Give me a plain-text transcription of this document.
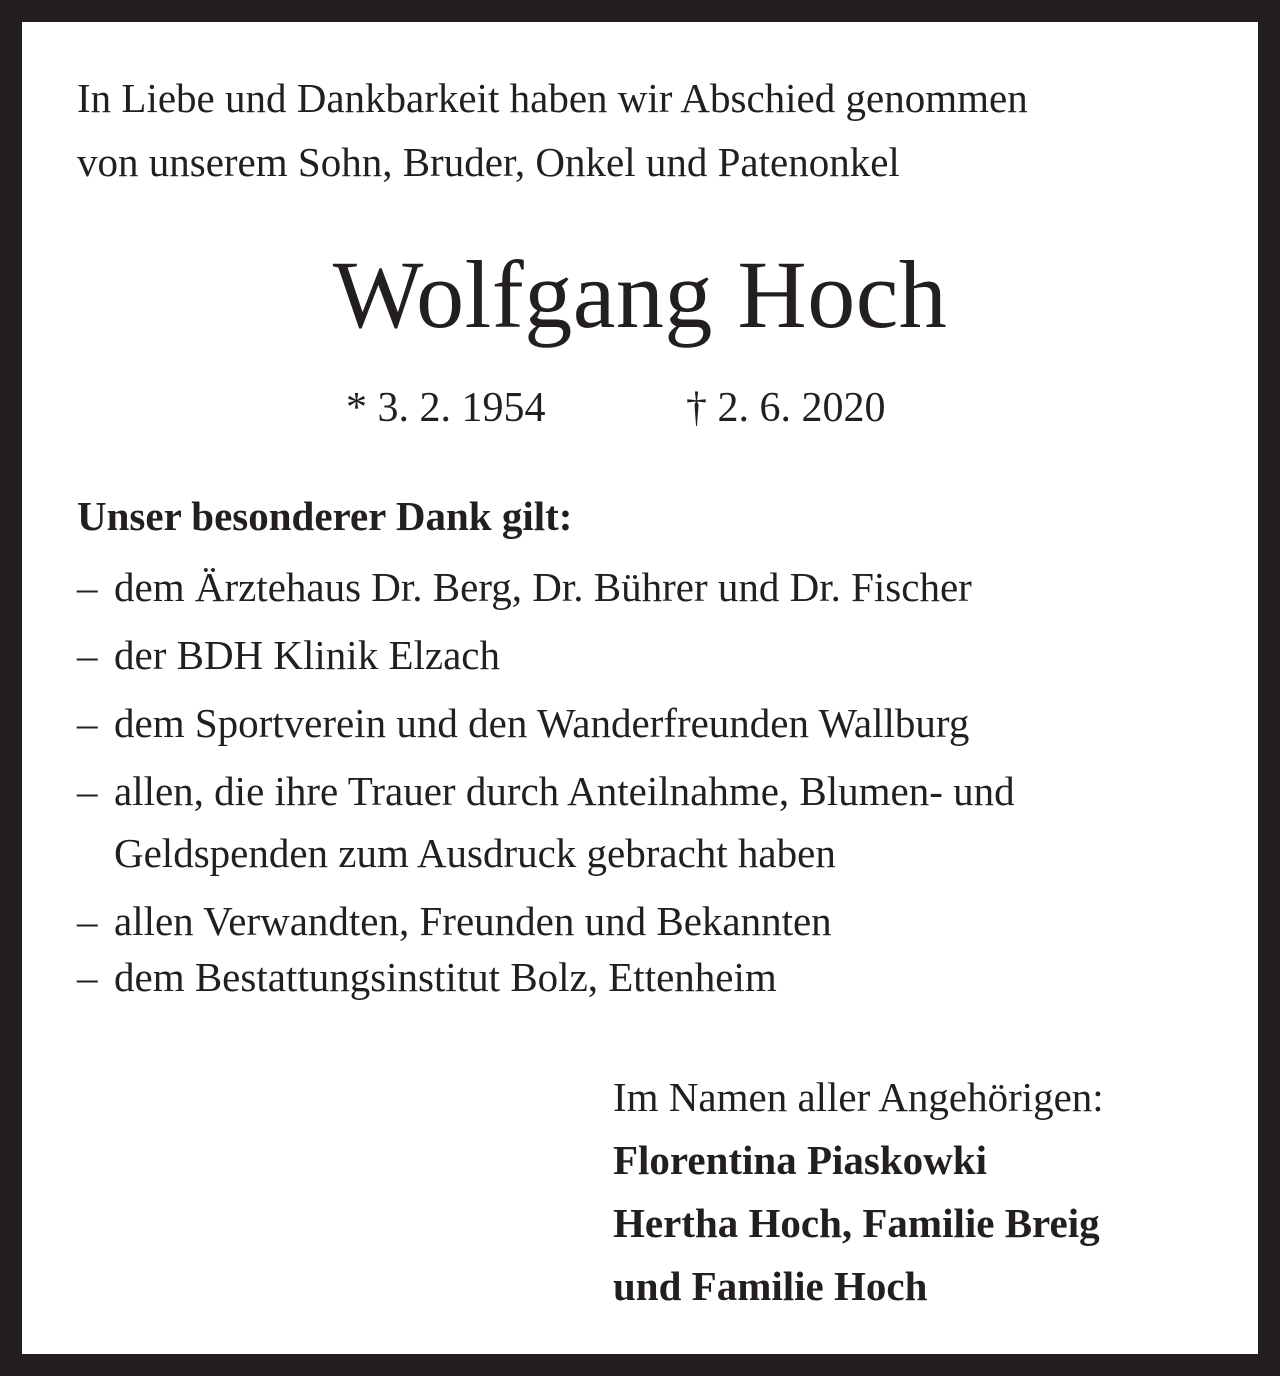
In Liebe und Dankbarkeit haben wir Abschied genommen
von unserem Sohn, Bruder, Onkel und Patenonkel
Wolfgang Hoch
* 3. 2. 1954	† 2. 6. 2020
Unser besonderer Dank gilt:
– dem Ärztehaus Dr. Berg, Dr. Bührer und Dr. Fischer
– der BDH Klinik Elzach
– dem Sportverein und den Wanderfreunden Wallburg
– allen, die ihre Trauer durch Anteilnahme, Blumen- und
Geldspenden zum Ausdruck gebracht haben
– allen Verwandten, Freunden und Bekannten
– dem Bestattungsinstitut Bolz, Ettenheim
Im Namen aller Angehörigen:
Florentina Piaskowki
Hertha Hoch, Familie Breig
und Familie Hoch
